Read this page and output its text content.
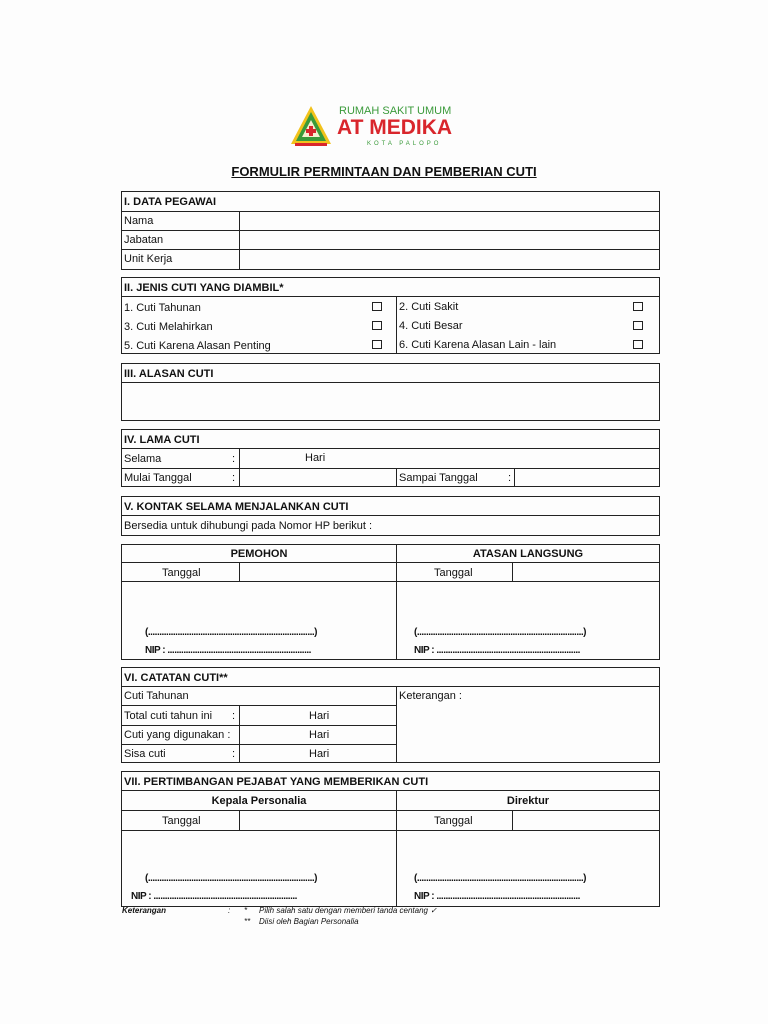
RUMAH SAKIT UMUM
AT MEDIKA
KOTA PALOPO
FORMULIR PERMINTAAN DAN PEMBERIAN CUTI
I. DATA PEGAWAI
Nama
Jabatan
Unit Kerja
II. JENIS CUTI YANG DIAMBIL*
1. Cuti Tahunan	2. Cuti Sakit
3. Cuti Melahirkan	4. Cuti Besar
5. Cuti Karena Alasan Penting	6. Cuti Karena Alasan Lain - lain
III. ALASAN CUTI
IV. LAMA CUTI
Selama	:	Hari
Mulai Tanggal	:	Sampai Tanggal	:
V. KONTAK SELAMA MENJALANKAN CUTI
Bersedia untuk dihubungi pada Nomor HP berikut :
PEMOHON	ATASAN LANGSUNG
Tanggal	Tanggal
(.........................................................................)
NIP : ...............................................................
(.........................................................................)
NIP : ...............................................................
VI. CATATAN CUTI**
Cuti Tahunan	Keterangan :
Total cuti tahun ini :	Hari
Cuti yang digunakan :	Hari
Sisa cuti	:	Hari
VII. PERTIMBANGAN PEJABAT YANG MEMBERIKAN CUTI
Kepala Personalia	Direktur
Tanggal	Tanggal
(.........................................................................)
NIP : ...............................................................
(.........................................................................)
NIP : ...............................................................
Keterangan	: * Pilih salah satu dengan memberi tanda centang ✓
** Diisi oleh Bagian Personalia
